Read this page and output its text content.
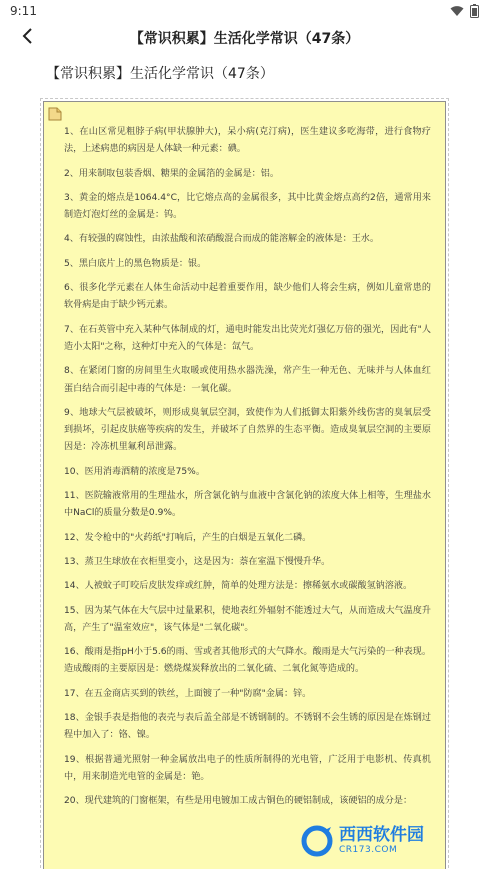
9:11
【常识积累】生活化学常识（47条）
【常识积累】生活化学常识（47条）

1、在山区常见粗脖子病(甲状腺肿大)，呆小病(克汀病)，医生建议多吃海带，进行食物疗法，上述病患的病因是人体缺一种元素：碘。

2、用来制取包装香烟、糖果的金属箔的金属是：铝。

3、黄金的熔点是1064.4°C，比它熔点高的金属很多，其中比黄金熔点高约2倍，通常用来制造灯泡灯丝的金属是：钨。

4、有较强的腐蚀性，由浓盐酸和浓硝酸混合而成的能溶解金的液体是：王水。

5、黑白底片上的黑色物质是：银。

6、很多化学元素在人体生命活动中起着重要作用，缺少他们人将会生病，例如儿童常患的软骨病是由于缺少钙元素。

7、在石英管中充入某种气体制成的灯，通电时能发出比荧光灯强亿万倍的强光，因此有"人造小太阳"之称，这种灯中充入的气体是：氙气。

8、在紧闭门窗的房间里生火取暖或使用热水器洗澡，常产生一种无色、无味并与人体血红蛋白结合而引起中毒的气体是：一氧化碳。

9、地球大气层被破坏，则形成臭氧层空洞，致使作为人们抵御太阳紫外线伤害的臭氧层受到损坏，引起皮肤癌等疾病的发生，并破坏了自然界的生态平衡。造成臭氧层空洞的主要原因是：冷冻机里氟利昂泄露。

10、医用消毒酒精的浓度是75%。

11、医院输液常用的生理盐水，所含氯化钠与血液中含氯化钠的浓度大体上相等，生理盐水中NaCl的质量分数是0.9%。

12、发令枪中的"火药纸"打响后，产生的白烟是五氧化二磷。

13、蒸卫生球放在衣柜里变小，这是因为：萘在室温下慢慢升华。

14、人被蚊子叮咬后皮肤发痒或红肿，简单的处理方法是：擦稀氨水或碳酸氢钠溶液。

15、因为某气体在大气层中过量累积，使地表红外辐射不能透过大气，从而造成大气温度升高，产生了"温室效应"，该气体是"二氧化碳"。

16、酸雨是指pH小于5.6的雨、雪或者其他形式的大气降水。酸雨是大气污染的一种表现。造成酸雨的主要原因是：燃烧煤炭释放出的二氧化硫、二氧化氮等造成的。

17、在五金商店买到的铁丝，上面镀了一种"防腐"金属：锌。

18、金银手表是指他的表壳与表后盖全部是不锈钢制的。不锈钢不会生锈的原因是在炼钢过程中加入了：铬、镍。

19、根据普通光照射一种金属放出电子的性质所制得的光电管，广泛用于电影机、传真机中，用来制造光电管的金属是：铯。

20、现代建筑的门窗框架，有些是用电镀加工成古铜色的硬铝制成，该硬铝的成分是：

西西软件园
CR173.COM
